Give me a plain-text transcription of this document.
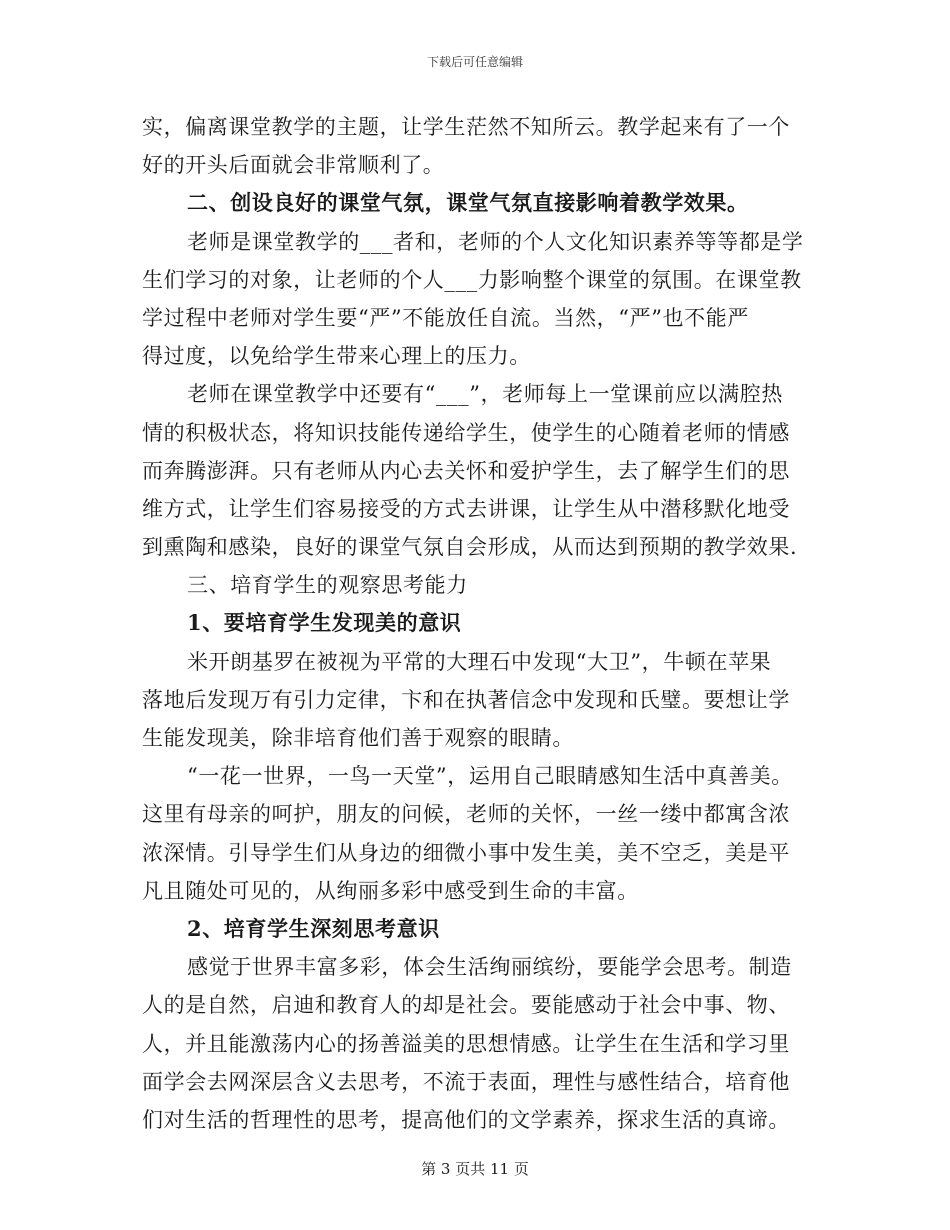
下载后可任意编辑
实，偏离课堂教学的主题，让学生茫然不知所云。教学起来有了一个
好的开头后面就会非常顺利了。
二、创设良好的课堂气氛，课堂气氛直接影响着教学效果。
老师是课堂教学的___者和，老师的个人文化知识素养等等都是学
生们学习的对象，让老师的个人___力影响整个课堂的氛围。在课堂教
学过程中老师对学生要“严”不能放任自流。当然，“严”也不能严
得过度，以免给学生带来心理上的压力。
老师在课堂教学中还要有“___”，老师每上一堂课前应以满腔热
情的积极状态，将知识技能传递给学生，使学生的心随着老师的情感
而奔腾澎湃。只有老师从内心去关怀和爱护学生，去了解学生们的思
维方式，让学生们容易接受的方式去讲课，让学生从中潜移默化地受
到熏陶和感染，良好的课堂气氛自会形成，从而达到预期的教学效果.
三、培育学生的观察思考能力
1、要培育学生发现美的意识
米开朗基罗在被视为平常的大理石中发现“大卫”，牛顿在苹果
落地后发现万有引力定律，卞和在执著信念中发现和氏璧。要想让学
生能发现美，除非培育他们善于观察的眼睛。
“一花一世界，一鸟一天堂”，运用自己眼睛感知生活中真善美。
这里有母亲的呵护，朋友的问候，老师的关怀，一丝一缕中都寓含浓
浓深情。引导学生们从身边的细微小事中发生美，美不空乏，美是平
凡且随处可见的，从绚丽多彩中感受到生命的丰富。
2、培育学生深刻思考意识
感觉于世界丰富多彩，体会生活绚丽缤纷，要能学会思考。制造
人的是自然，启迪和教育人的却是社会。要能感动于社会中事、物、
人，并且能激荡内心的扬善溢美的思想情感。让学生在生活和学习里
面学会去网深层含义去思考，不流于表面，理性与感性结合，培育他
们对生活的哲理性的思考，提高他们的文学素养，探求生活的真谛。
第 3 页共 11 页
